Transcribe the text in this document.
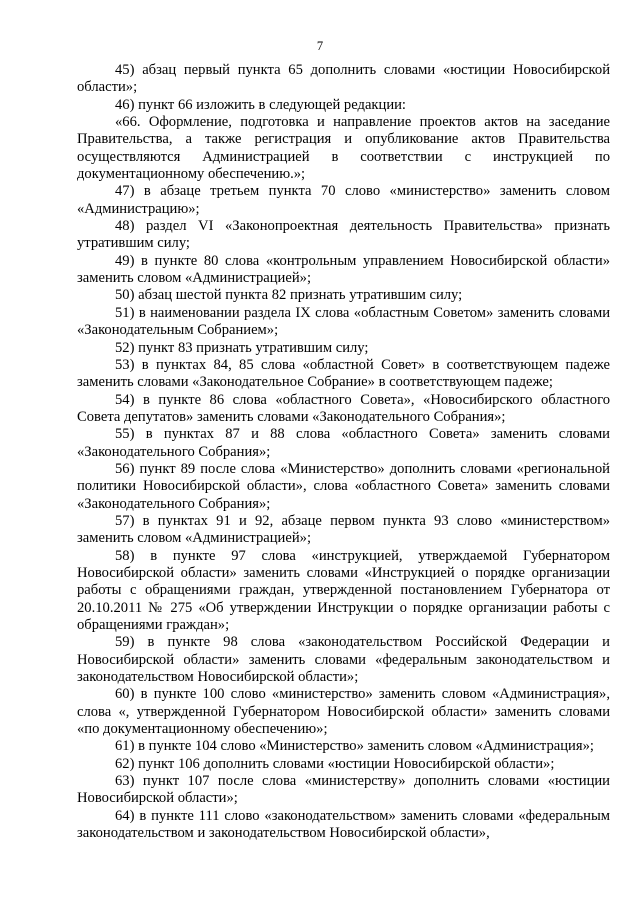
7

45) абзац первый пункта 65 дополнить словами «юстиции Новосибирской области»;

46) пункт 66 изложить в следующей редакции:

«66. Оформление, подготовка и направление проектов актов на заседание Правительства, а также регистрация и опубликование актов Правительства осуществляются Администрацией в соответствии с инструкцией по документационному обеспечению.»;

47) в абзаце третьем пункта 70 слово «министерство» заменить словом «Администрацию»;

48) раздел VI «Законопроектная деятельность Правительства» признать утратившим силу;

49) в пункте 80 слова «контрольным управлением Новосибирской области» заменить словом «Администрацией»;

50) абзац шестой пункта 82 признать утратившим силу;

51) в наименовании раздела IX слова «областным Советом» заменить словами «Законодательным Собранием»;

52) пункт 83 признать утратившим силу;

53) в пунктах 84, 85 слова «областной Совет» в соответствующем падеже заменить словами «Законодательное Собрание» в соответствующем падеже;

54) в пункте 86 слова «областного Совета», «Новосибирского областного Совета депутатов» заменить словами «Законодательного Собрания»;

55) в пунктах 87 и 88 слова «областного Совета» заменить словами «Законодательного Собрания»;

56) пункт 89 после слова «Министерство» дополнить словами «региональной политики Новосибирской области», слова «областного Совета» заменить словами «Законодательного Собрания»;

57) в пунктах 91 и 92, абзаце первом пункта 93 слово «министерством» заменить словом «Администрацией»;

58) в пункте 97 слова «инструкцией, утверждаемой Губернатором Новосибирской области» заменить словами «Инструкцией о порядке организации работы с обращениями граждан, утвержденной постановлением Губернатора от 20.10.2011 № 275 «Об утверждении Инструкции о порядке организации работы с обращениями граждан»;

59) в пункте 98 слова «законодательством Российской Федерации и Новосибирской области» заменить словами «федеральным законодательством и законодательством Новосибирской области»;

60) в пункте 100 слово «министерство» заменить словом «Администрация», слова «, утвержденной Губернатором Новосибирской области» заменить словами «по документационному обеспечению»;

61) в пункте 104 слово «Министерство» заменить словом «Администрация»;

62) пункт 106 дополнить словами «юстиции Новосибирской области»;

63) пункт 107 после слова «министерству» дополнить словами «юстиции Новосибирской области»;

64) в пункте 111 слово «законодательством» заменить словами «федеральным законодательством и законодательством Новосибирской области»,
